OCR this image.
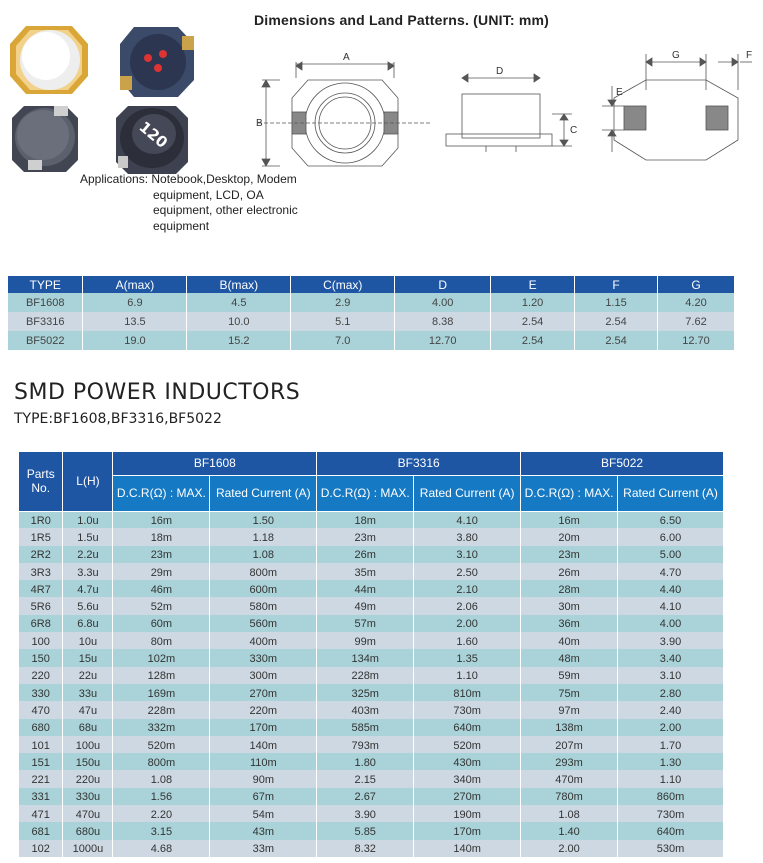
120
Applications: Notebook,Desktop, Modem
equipment, LCD, OA
equipment, other electronic
equipment
Dimensions and Land Patterns. (UNIT: mm)
A
B
C
D
E
F
G
TYPE	A(max)	B(max)	C(max)	D	E	F	G
BF1608	6.9	4.5	2.9	4.00	1.20	1.15	4.20
BF3316	13.5	10.0	5.1	8.38	2.54	2.54	7.62
BF5022	19.0	15.2	7.0	12.70	2.54	2.54	12.70
SMD POWER INDUCTORS
TYPE:BF1608,BF3316,BF5022
Parts No.	L(H)	BF1608		BF3316		BF5022	
		D.C.R(Ω) : MAX.	Rated Current (A)	D.C.R(Ω) : MAX.	Rated Current (A)	D.C.R(Ω) : MAX.	Rated Current (A)
1R0	1.0u	16m	1.50	18m	4.10	16m	6.50
1R5	1.5u	18m	1.18	23m	3.80	20m	6.00
2R2	2.2u	23m	1.08	26m	3.10	23m	5.00
3R3	3.3u	29m	800m	35m	2.50	26m	4.70
4R7	4.7u	46m	600m	44m	2.10	28m	4.40
5R6	5.6u	52m	580m	49m	2.06	30m	4.10
6R8	6.8u	60m	560m	57m	2.00	36m	4.00
100	10u	80m	400m	99m	1.60	40m	3.90
150	15u	102m	330m	134m	1.35	48m	3.40
220	22u	128m	300m	228m	1.10	59m	3.10
330	33u	169m	270m	325m	810m	75m	2.80
470	47u	228m	220m	403m	730m	97m	2.40
680	68u	332m	170m	585m	640m	138m	2.00
101	100u	520m	140m	793m	520m	207m	1.70
151	150u	800m	110m	1.80	430m	293m	1.30
221	220u	1.08	90m	2.15	340m	470m	1.10
331	330u	1.56	67m	2.67	270m	780m	860m
471	470u	2.20	54m	3.90	190m	1.08	730m
681	680u	3.15	43m	5.85	170m	1.40	640m
102	1000u	4.68	33m	8.32	140m	2.00	530m
